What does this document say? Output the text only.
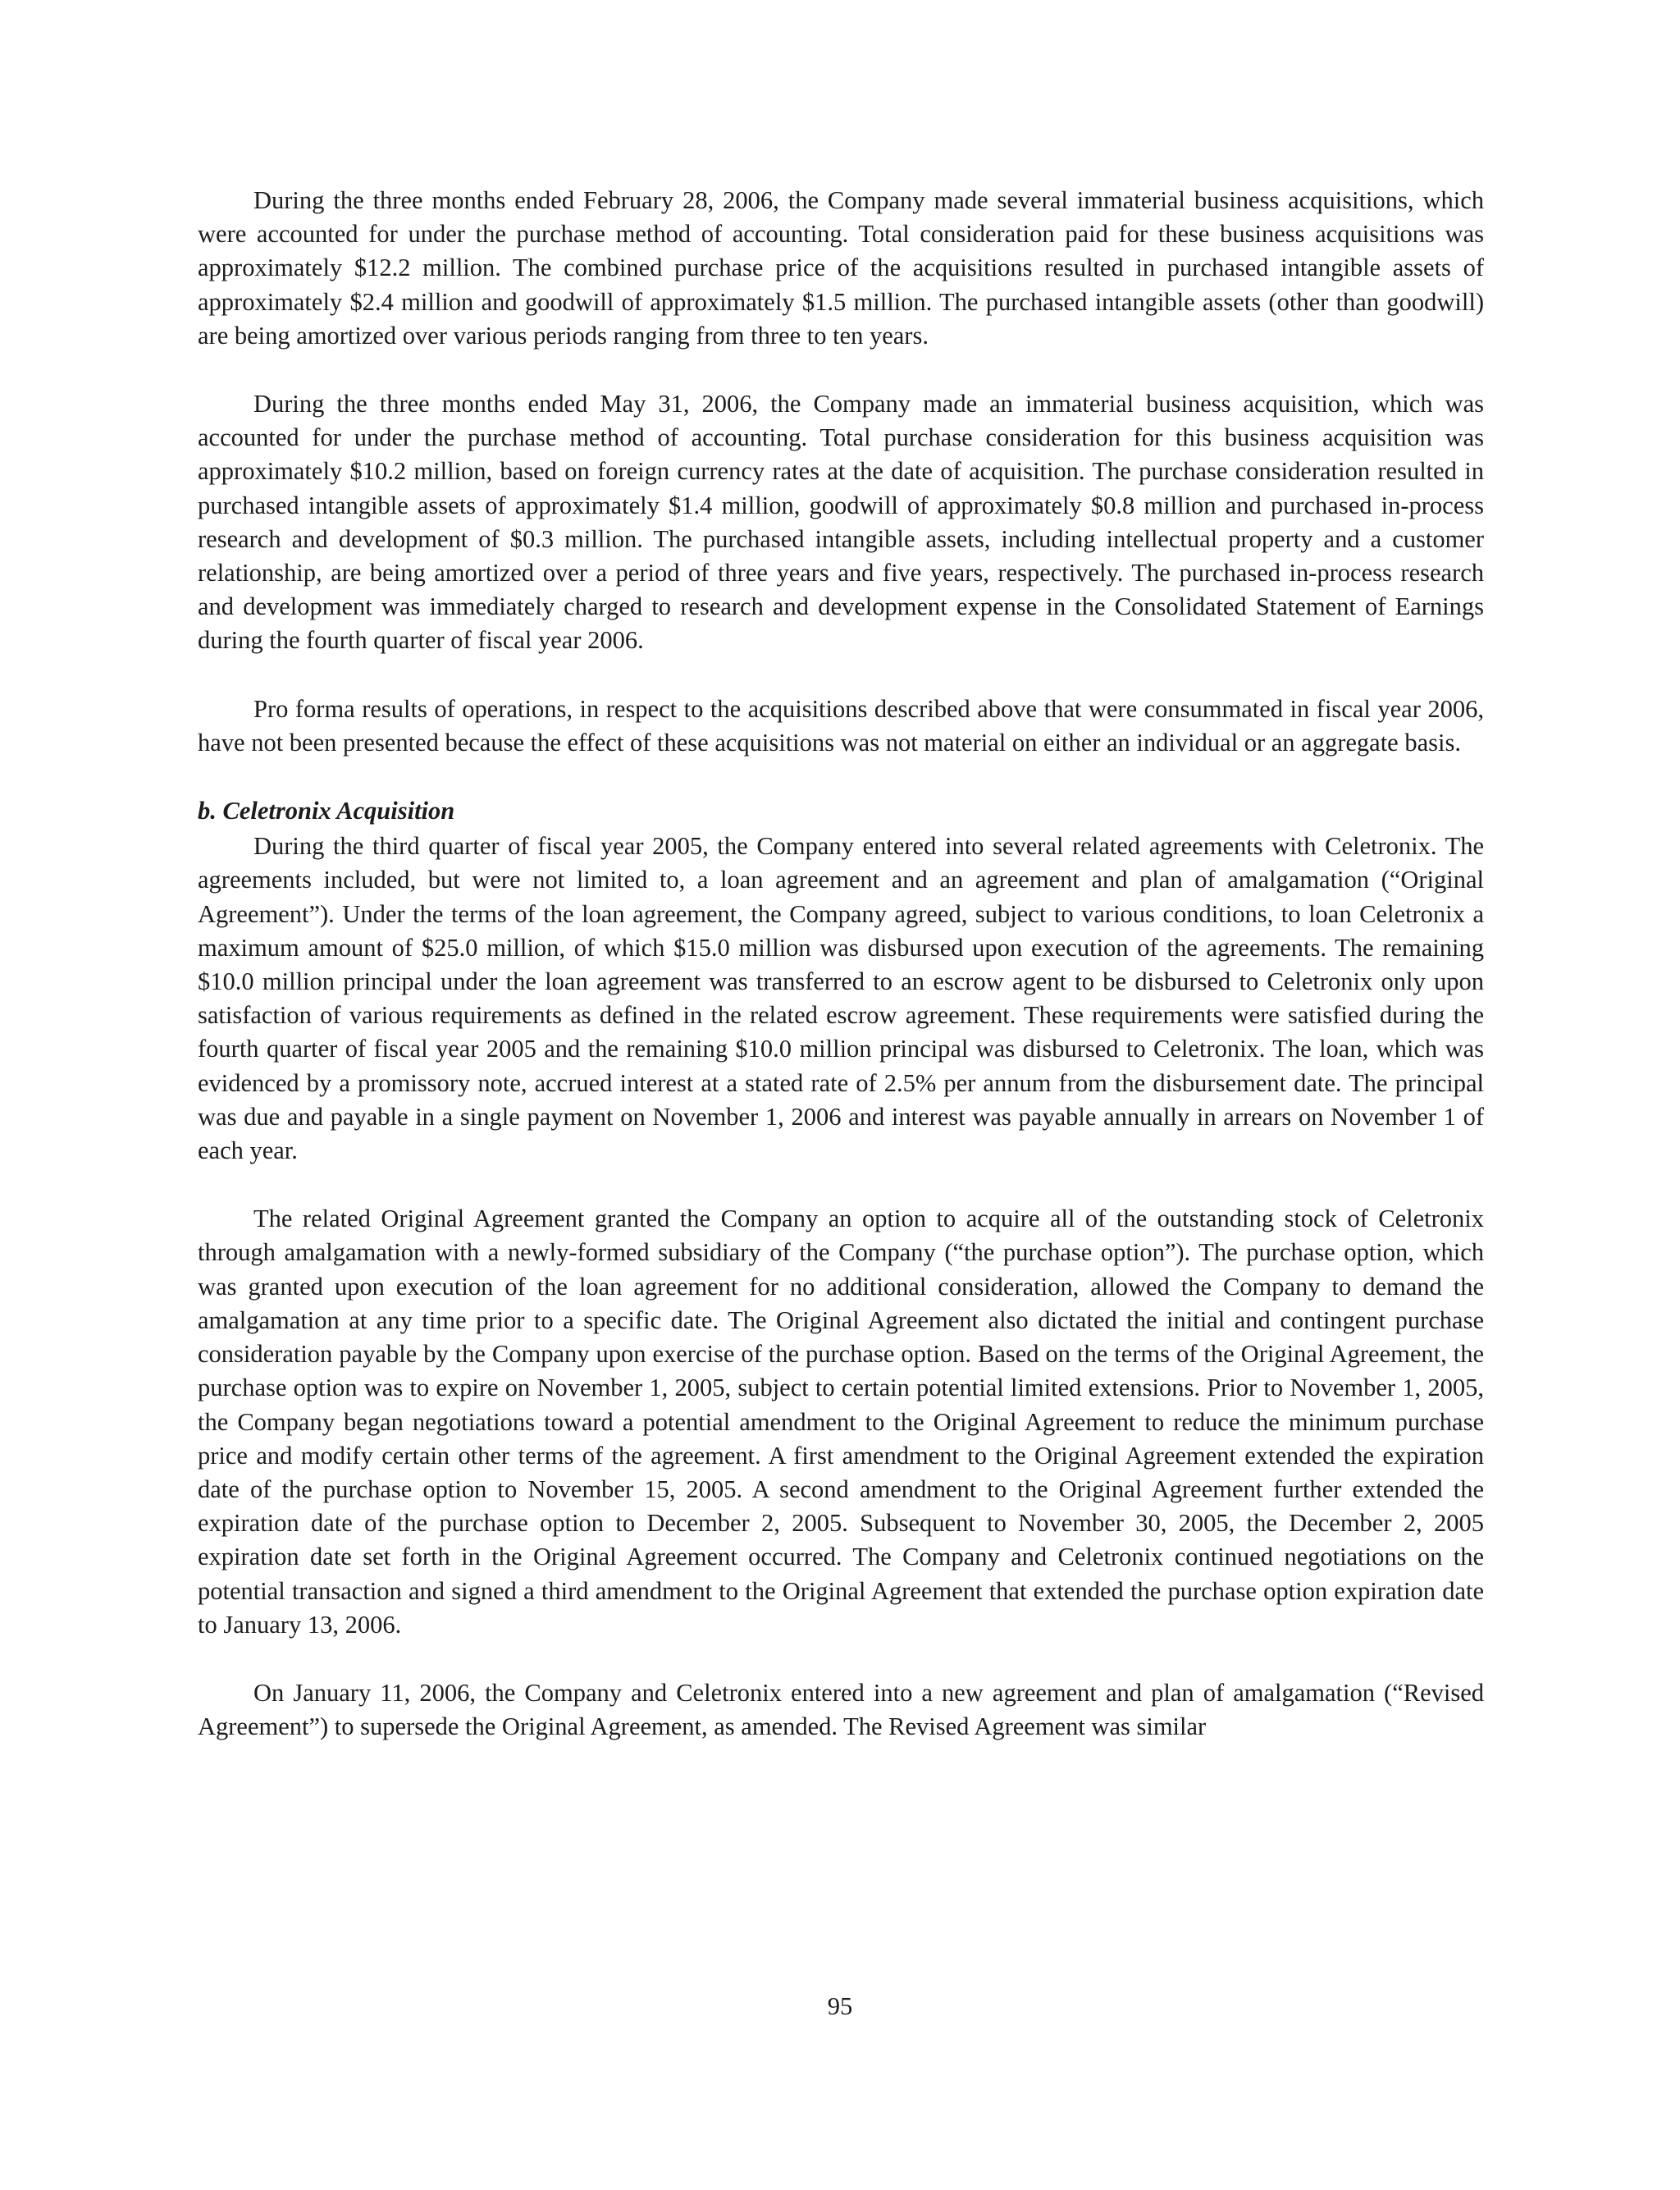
During the three months ended February 28, 2006, the Company made several immaterial business acquisitions, which were accounted for under the purchase method of accounting. Total consideration paid for these business acquisitions was approximately $12.2 million. The combined purchase price of the acquisitions resulted in purchased intangible assets of approximately $2.4 million and goodwill of approximately $1.5 million. The purchased intangible assets (other than goodwill) are being amortized over various periods ranging from three to ten years.

During the three months ended May 31, 2006, the Company made an immaterial business acquisition, which was accounted for under the purchase method of accounting. Total purchase consideration for this business acquisition was approximately $10.2 million, based on foreign currency rates at the date of acquisition. The purchase consideration resulted in purchased intangible assets of approximately $1.4 million, goodwill of approximately $0.8 million and purchased in-process research and development of $0.3 million. The purchased intangible assets, including intellectual property and a customer relationship, are being amortized over a period of three years and five years, respectively. The purchased in-process research and development was immediately charged to research and development expense in the Consolidated Statement of Earnings during the fourth quarter of fiscal year 2006.

Pro forma results of operations, in respect to the acquisitions described above that were consummated in fiscal year 2006, have not been presented because the effect of these acquisitions was not material on either an individual or an aggregate basis.

b. Celetronix Acquisition

During the third quarter of fiscal year 2005, the Company entered into several related agreements with Celetronix. The agreements included, but were not limited to, a loan agreement and an agreement and plan of amalgamation (“Original Agreement”). Under the terms of the loan agreement, the Company agreed, subject to various conditions, to loan Celetronix a maximum amount of $25.0 million, of which $15.0 million was disbursed upon execution of the agreements. The remaining $10.0 million principal under the loan agreement was transferred to an escrow agent to be disbursed to Celetronix only upon satisfaction of various requirements as defined in the related escrow agreement. These requirements were satisfied during the fourth quarter of fiscal year 2005 and the remaining $10.0 million principal was disbursed to Celetronix. The loan, which was evidenced by a promissory note, accrued interest at a stated rate of 2.5% per annum from the disbursement date. The principal was due and payable in a single payment on November 1, 2006 and interest was payable annually in arrears on November 1 of each year.

The related Original Agreement granted the Company an option to acquire all of the outstanding stock of Celetronix through amalgamation with a newly-formed subsidiary of the Company (“the purchase option”). The purchase option, which was granted upon execution of the loan agreement for no additional consideration, allowed the Company to demand the amalgamation at any time prior to a specific date. The Original Agreement also dictated the initial and contingent purchase consideration payable by the Company upon exercise of the purchase option. Based on the terms of the Original Agreement, the purchase option was to expire on November 1, 2005, subject to certain potential limited extensions. Prior to November 1, 2005, the Company began negotiations toward a potential amendment to the Original Agreement to reduce the minimum purchase price and modify certain other terms of the agreement. A first amendment to the Original Agreement extended the expiration date of the purchase option to November 15, 2005. A second amendment to the Original Agreement further extended the expiration date of the purchase option to December 2, 2005. Subsequent to November 30, 2005, the December 2, 2005 expiration date set forth in the Original Agreement occurred. The Company and Celetronix continued negotiations on the potential transaction and signed a third amendment to the Original Agreement that extended the purchase option expiration date to January 13, 2006.

On January 11, 2006, the Company and Celetronix entered into a new agreement and plan of amalgamation (“Revised Agreement”) to supersede the Original Agreement, as amended. The Revised Agreement was similar

95
